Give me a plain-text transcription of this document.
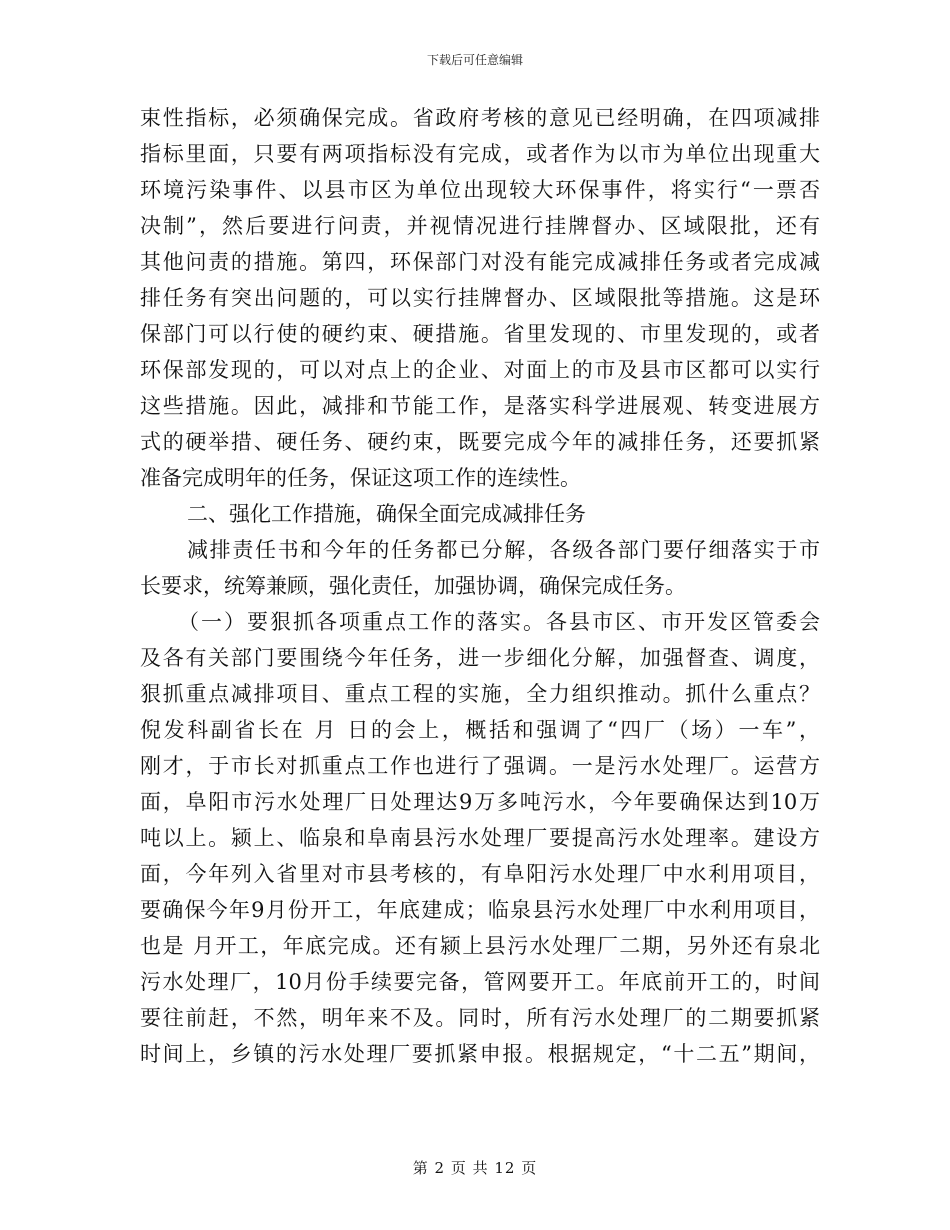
下载后可任意编辑
束性指标，必须确保完成。省政府考核的意见已经明确，在四项减排
指标里面，只要有两项指标没有完成，或者作为以市为单位出现重大
环境污染事件、以县市区为单位出现较大环保事件，将实行“一票否
决制”，然后要进行问责，并视情况进行挂牌督办、区域限批，还有
其他问责的措施。第四，环保部门对没有能完成减排任务或者完成减
排任务有突出问题的，可以实行挂牌督办、区域限批等措施。这是环
保部门可以行使的硬约束、硬措施。省里发现的、市里发现的，或者
环保部发现的，可以对点上的企业、对面上的市及县市区都可以实行
这些措施。因此，减排和节能工作，是落实科学进展观、转变进展方
式的硬举措、硬任务、硬约束，既要完成今年的减排任务，还要抓紧
准备完成明年的任务，保证这项工作的连续性。
二、强化工作措施，确保全面完成减排任务
减排责任书和今年的任务都已分解，各级各部门要仔细落实于市
长要求，统筹兼顾，强化责任，加强协调，确保完成任务。
（一）要狠抓各项重点工作的落实。各县市区、市开发区管委会
及各有关部门要围绕今年任务，进一步细化分解，加强督查、调度，
狠抓重点减排项目、重点工程的实施，全力组织推动。抓什么重点？
倪发科副省长在 月 日的会上，概括和强调了“四厂（场）一车”，
刚才，于市长对抓重点工作也进行了强调。一是污水处理厂。运营方
面，阜阳市污水处理厂日处理达9万多吨污水，今年要确保达到10万
吨以上。颍上、临泉和阜南县污水处理厂要提高污水处理率。建设方
面，今年列入省里对市县考核的，有阜阳污水处理厂中水利用项目，
要确保今年9月份开工，年底建成；临泉县污水处理厂中水利用项目，
也是 月开工，年底完成。还有颍上县污水处理厂二期，另外还有泉北
污水处理厂，10月份手续要完备，管网要开工。年底前开工的，时间
要往前赶，不然，明年来不及。同时，所有污水处理厂的二期要抓紧
时间上，乡镇的污水处理厂要抓紧申报。根据规定，“十二五”期间，
第 2 页 共 12 页
